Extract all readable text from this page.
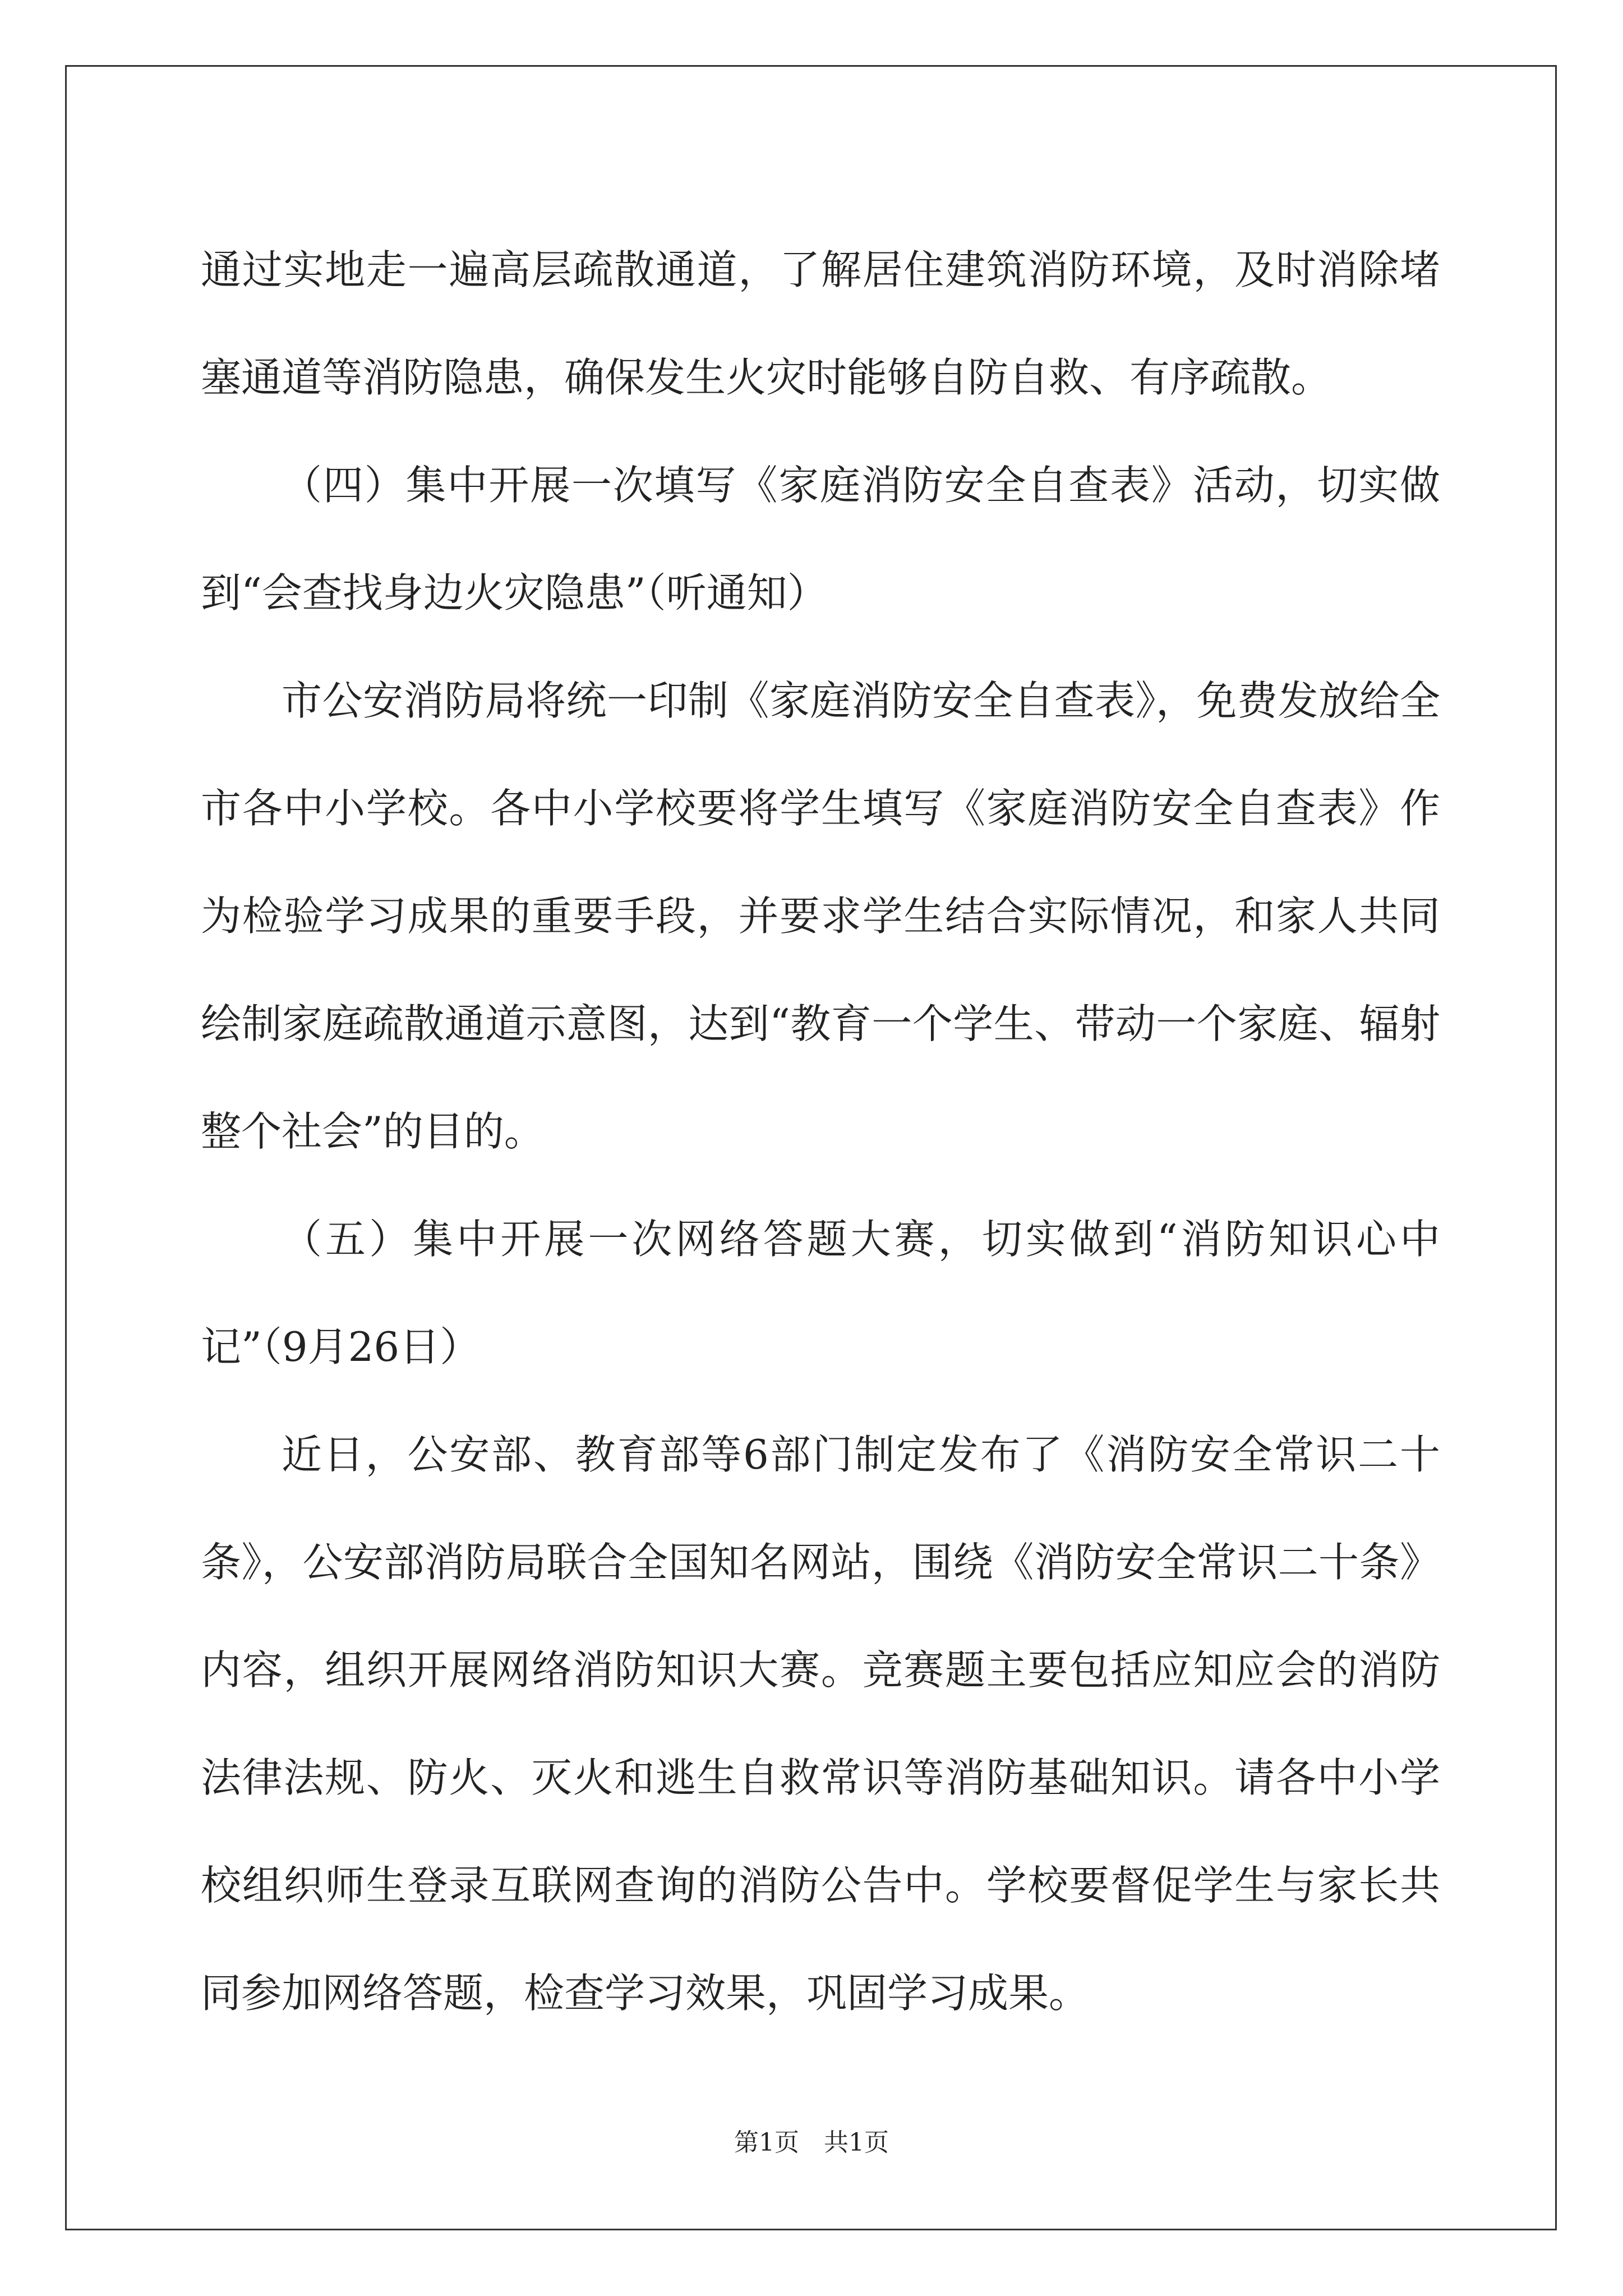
通过实地走一遍高层疏散通道，了解居住建筑消防环境，及时消除堵塞通道等消防隐患，确保发生火灾时能够自防自救、有序疏散。

（四）集中开展一次填写《家庭消防安全自查表》活动，切实做到“会查找身边火灾隐患”（听通知）

市公安消防局将统一印制《家庭消防安全自查表》，免费发放给全市各中小学校。各中小学校要将学生填写《家庭消防安全自查表》作为检验学习成果的重要手段，并要求学生结合实际情况，和家人共同绘制家庭疏散通道示意图，达到“教育一个学生、带动一个家庭、辐射整个社会”的目的。

（五）集中开展一次网络答题大赛，切实做到“消防知识心中记”（9月26日）

近日，公安部、教育部等6部门制定发布了《消防安全常识二十条》，公安部消防局联合全国知名网站，围绕《消防安全常识二十条》内容，组织开展网络消防知识大赛。竞赛题主要包括应知应会的消防法律法规、防火、灭火和逃生自救常识等消防基础知识。请各中小学校组织师生登录互联网查询的消防公告中。学校要督促学生与家长共同参加网络答题，检查学习效果，巩固学习成果。

第1页　共1页
